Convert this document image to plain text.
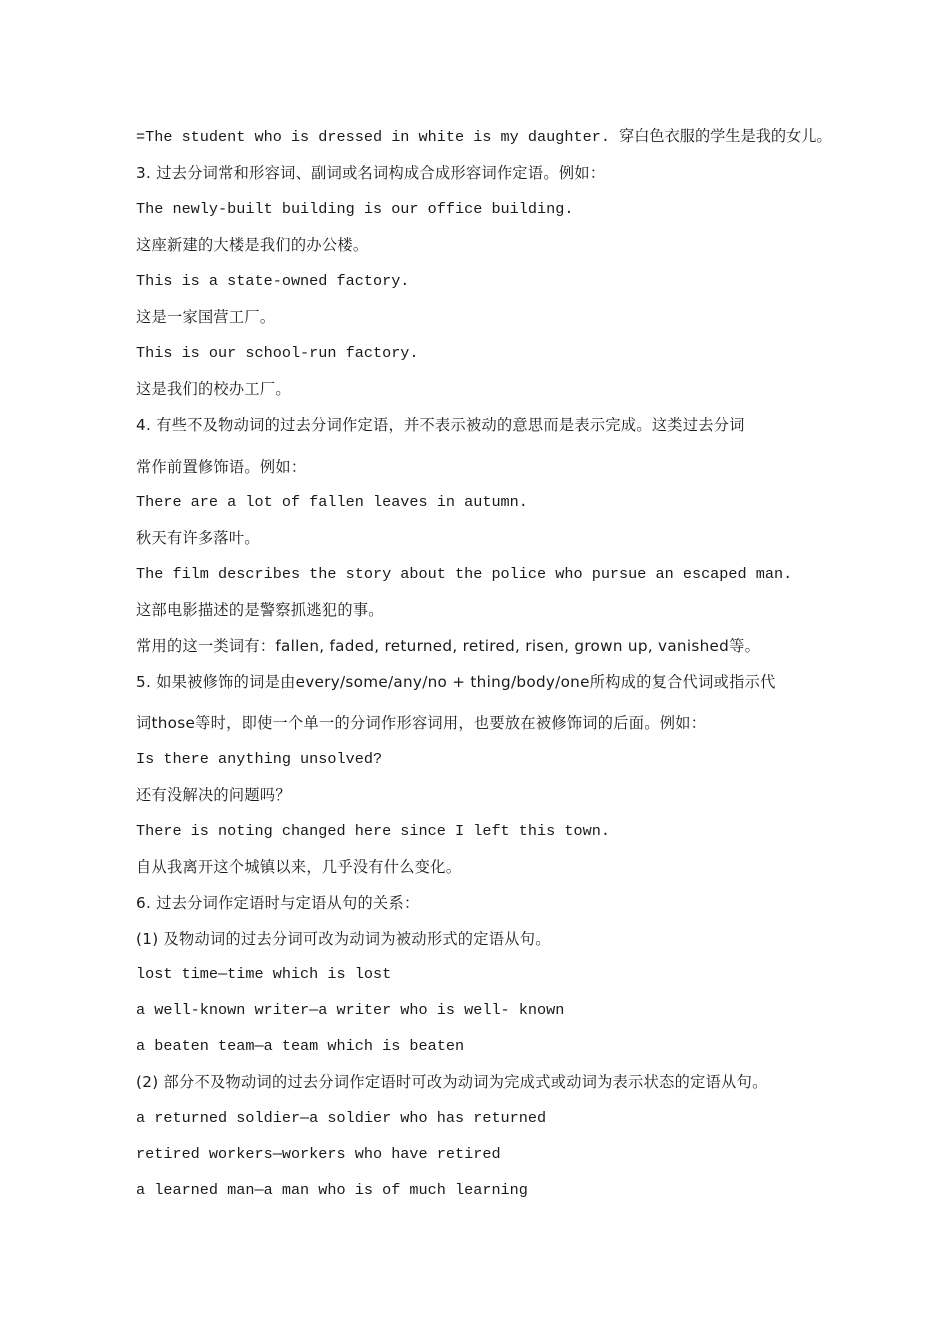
=The student who is dressed in white is my daughter. 穿白色衣服的学生是我的女儿。
3. 过去分词常和形容词、副词或名词构成合成形容词作定语。例如：
The newly-built building is our office building.
这座新建的大楼是我们的办公楼。
This is a state-owned factory.
这是一家国营工厂。
This is our school-run factory.
这是我们的校办工厂。
4. 有些不及物动词的过去分词作定语，并不表示被动的意思而是表示完成。这类过去分词
常作前置修饰语。例如：
There are a lot of fallen leaves in autumn.
秋天有许多落叶。
The film describes the story about the police who pursue an escaped man.
这部电影描述的是警察抓逃犯的事。
常用的这一类词有：fallen, faded, returned, retired, risen, grown up, vanished等。
5. 如果被修饰的词是由every/some/any/no + thing/body/one所构成的复合代词或指示代
词those等时，即使一个单一的分词作形容词用，也要放在被修饰词的后面。例如：
Is there anything unsolved?
还有没解决的问题吗？
There is noting changed here since I left this town.
自从我离开这个城镇以来，几乎没有什么变化。
6. 过去分词作定语时与定语从句的关系：
(1) 及物动词的过去分词可改为动词为被动形式的定语从句。
lost time—time which is lost
a well-known writer—a writer who is well- known
a beaten team—a team which is beaten
(2) 部分不及物动词的过去分词作定语时可改为动词为完成式或动词为表示状态的定语从句。
a returned soldier—a soldier who has returned
retired workers—workers who have retired
a learned man—a man who is of much learning
